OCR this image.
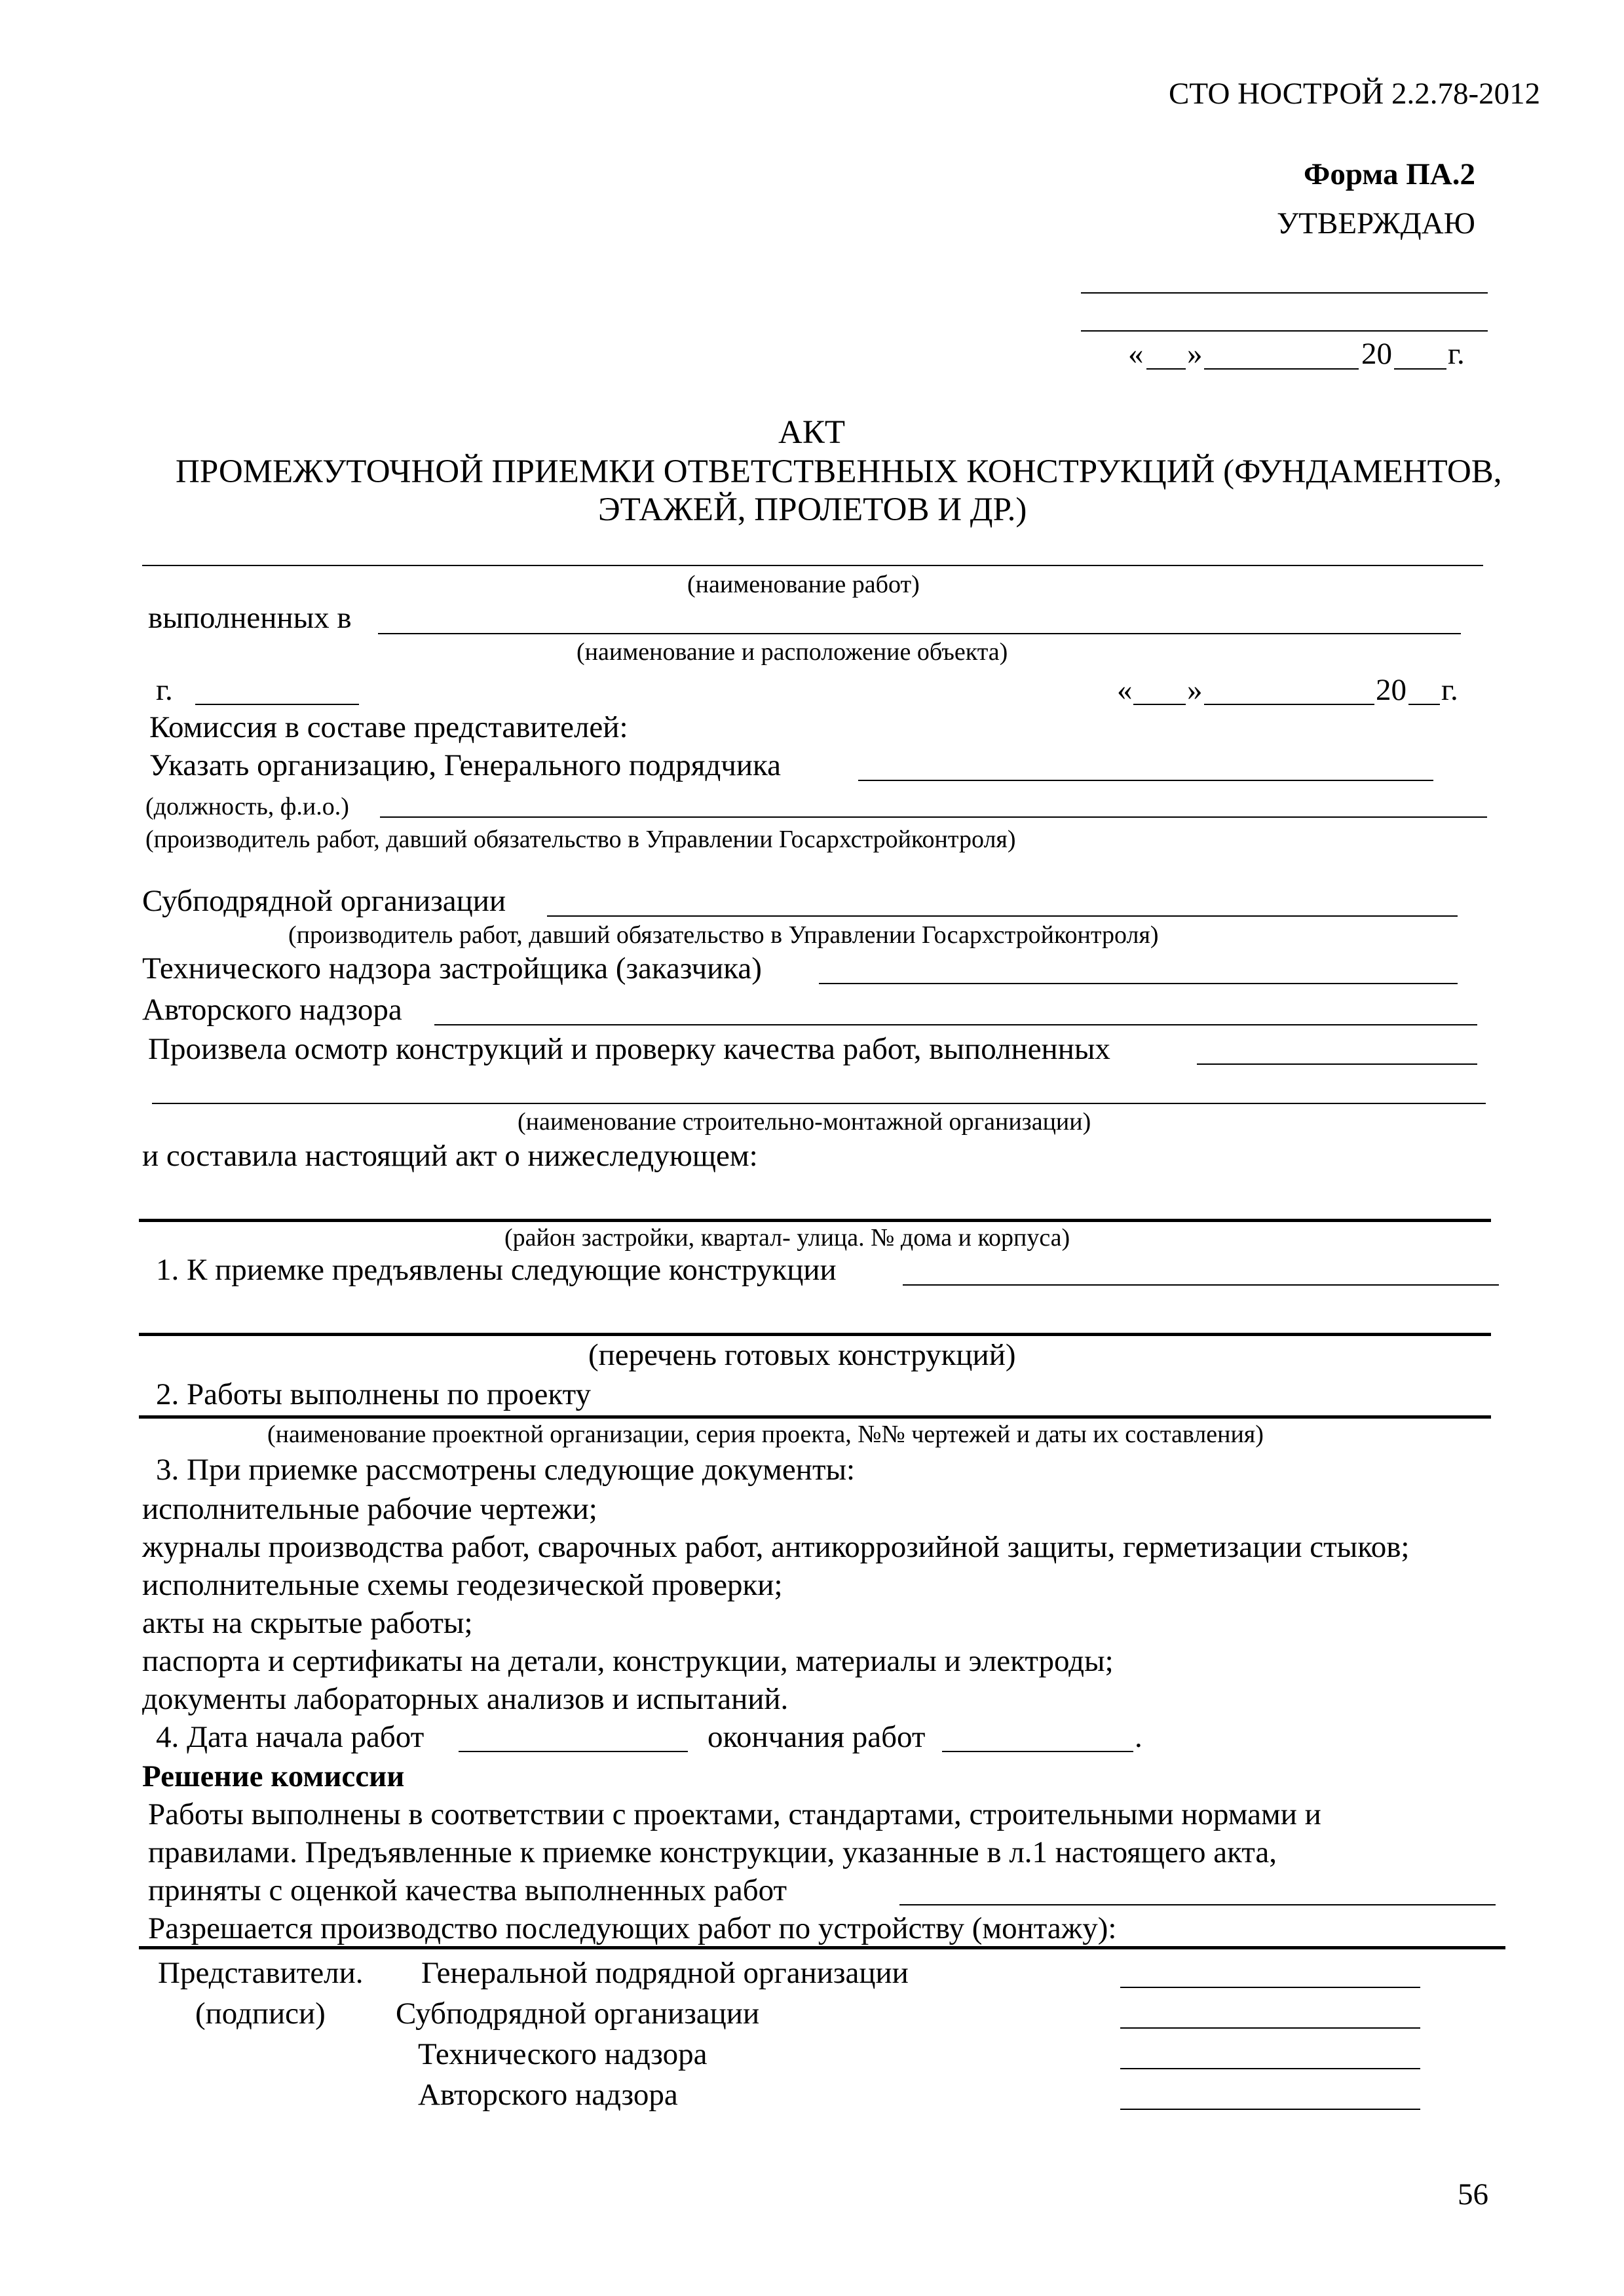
СТО НОСТРОЙ 2.2.78-2012
Форма ПА.2
УТВЕРЖДАЮ
« »	20 г.
АКТ
ПРОМЕЖУТОЧНОЙ ПРИЕМКИ ОТВЕТСТВЕННЫХ КОНСТРУКЦИЙ (ФУНДАМЕНТОВ,
ЭТАЖЕЙ, ПРОЛЕТОВ И ДР.)
(наименование работ)
выполненных в
(наименование и расположение объекта)
г.	« »	20 г.
Комиссия в составе представителей:
Указать организацию, Генерального подрядчика
(должность, ф.и.о.)
(производитель работ, давший обязательство в Управлении Госархстройконтроля)
Субподрядной организации
(производитель работ, давший обязательство в Управлении Госархстройконтроля)
Технического надзора застройщика (заказчика)
Авторского надзора
Произвела осмотр конструкций и проверку качества работ, выполненных
(наименование строительно-монтажной организации)
и составила настоящий акт о нижеследующем:
(район застройки, квартал- улица. № дома и корпуса)
1. К приемке предъявлены следующие конструкции
(перечень готовых конструкций)
2. Работы выполнены по проекту
(наименование проектной организации, серия проекта, №№ чертежей и даты их составления)
3. При приемке рассмотрены следующие документы:
исполнительные рабочие чертежи;
журналы производства работ, сварочных работ, антикоррозийной защиты, герметизации стыков;
исполнительные схемы геодезической проверки;
акты на скрытые работы;
паспорта и сертификаты на детали, конструкции, материалы и электроды;
документы лабораторных анализов и испытаний.
4. Дата начала работ	окончания работ	.
Решение комиссии
Работы выполнены в соответствии с проектами, стандартами, строительными нормами и
правилами. Предъявленные к приемке конструкции, указанные в л.1 настоящего акта,
приняты с оценкой качества выполненных работ
Разрешается производство последующих работ по устройству (монтажу):
Представители. Генеральной подрядной организации
(подписи) Субподрядной организации
Технического надзора
Авторского надзора
56
